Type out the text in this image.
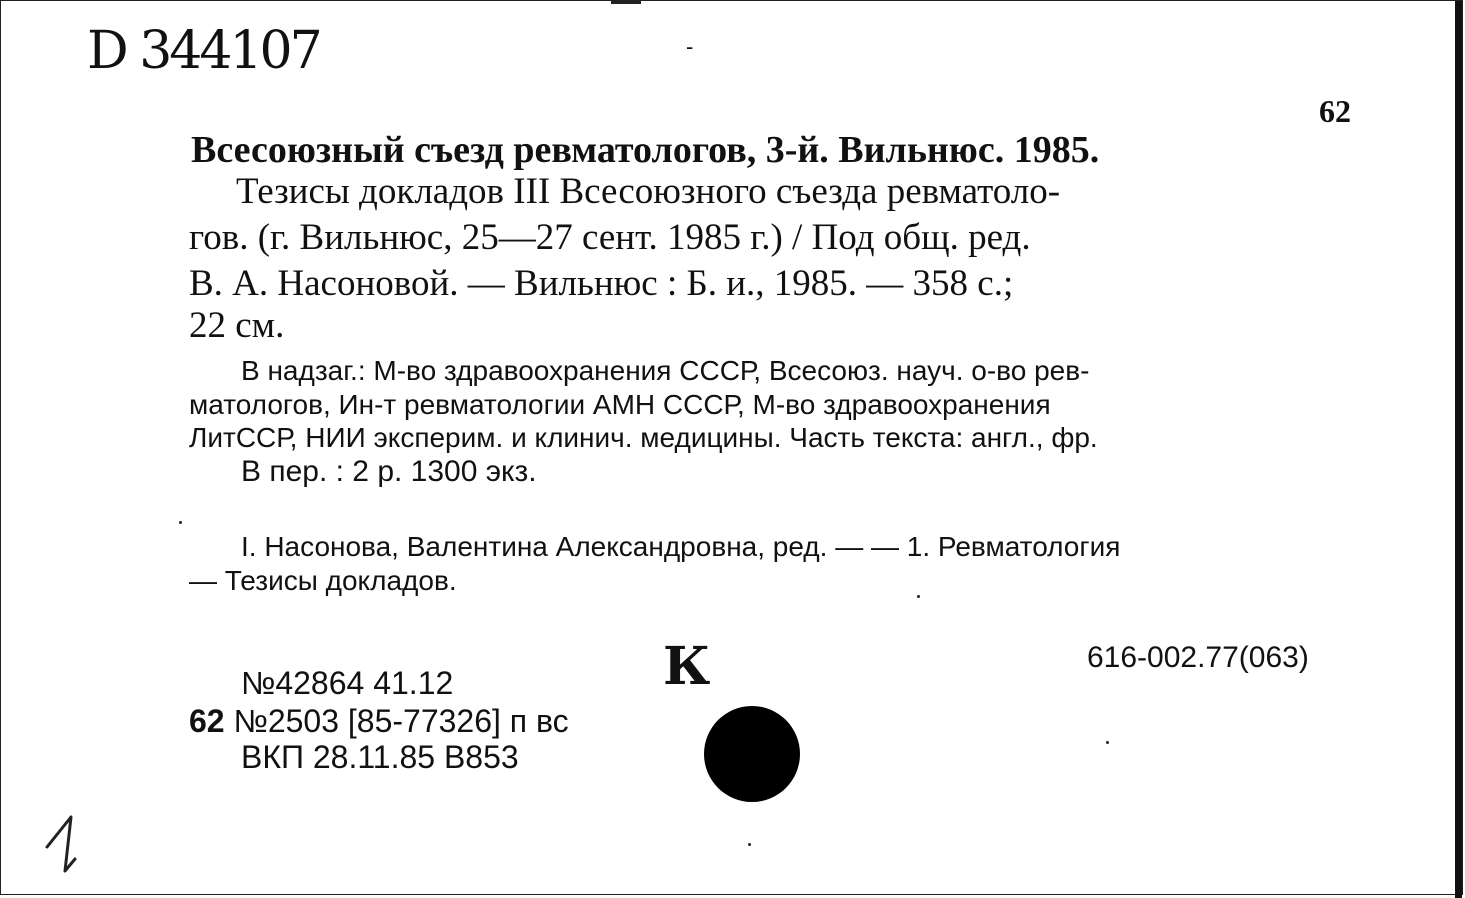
D 344107	-
62
Всесоюзный съезд ревматологов, 3-й. Вильнюс. 1985.
Тезисы докладов III Всесоюзного съезда ревматоло-
гов. (г. Вильнюс, 25—27 сент. 1985 г.) / Под общ. ред.
В. А. Насоновой. — Вильнюс : Б. и., 1985. — 358 с.;
22 см.
В надзаг.: М-во здравоохранения СССР, Всесоюз. науч. о-во рев-
матологов, Ин-т ревматологии АМН СССР, М-во здравоохранения
ЛитССР, НИИ эксперим. и клинич. медицины. Часть текста: англ., фр.
В пер. : 2 р. 1300 экз.
I. Насонова, Валентина Александровна, ред. — — 1. Ревматология
— Тезисы докладов.
616-002.77(063)
К
№42864 41.12
62 №2503 [85-77326] п вс
ВКП 28.11.85 В853
